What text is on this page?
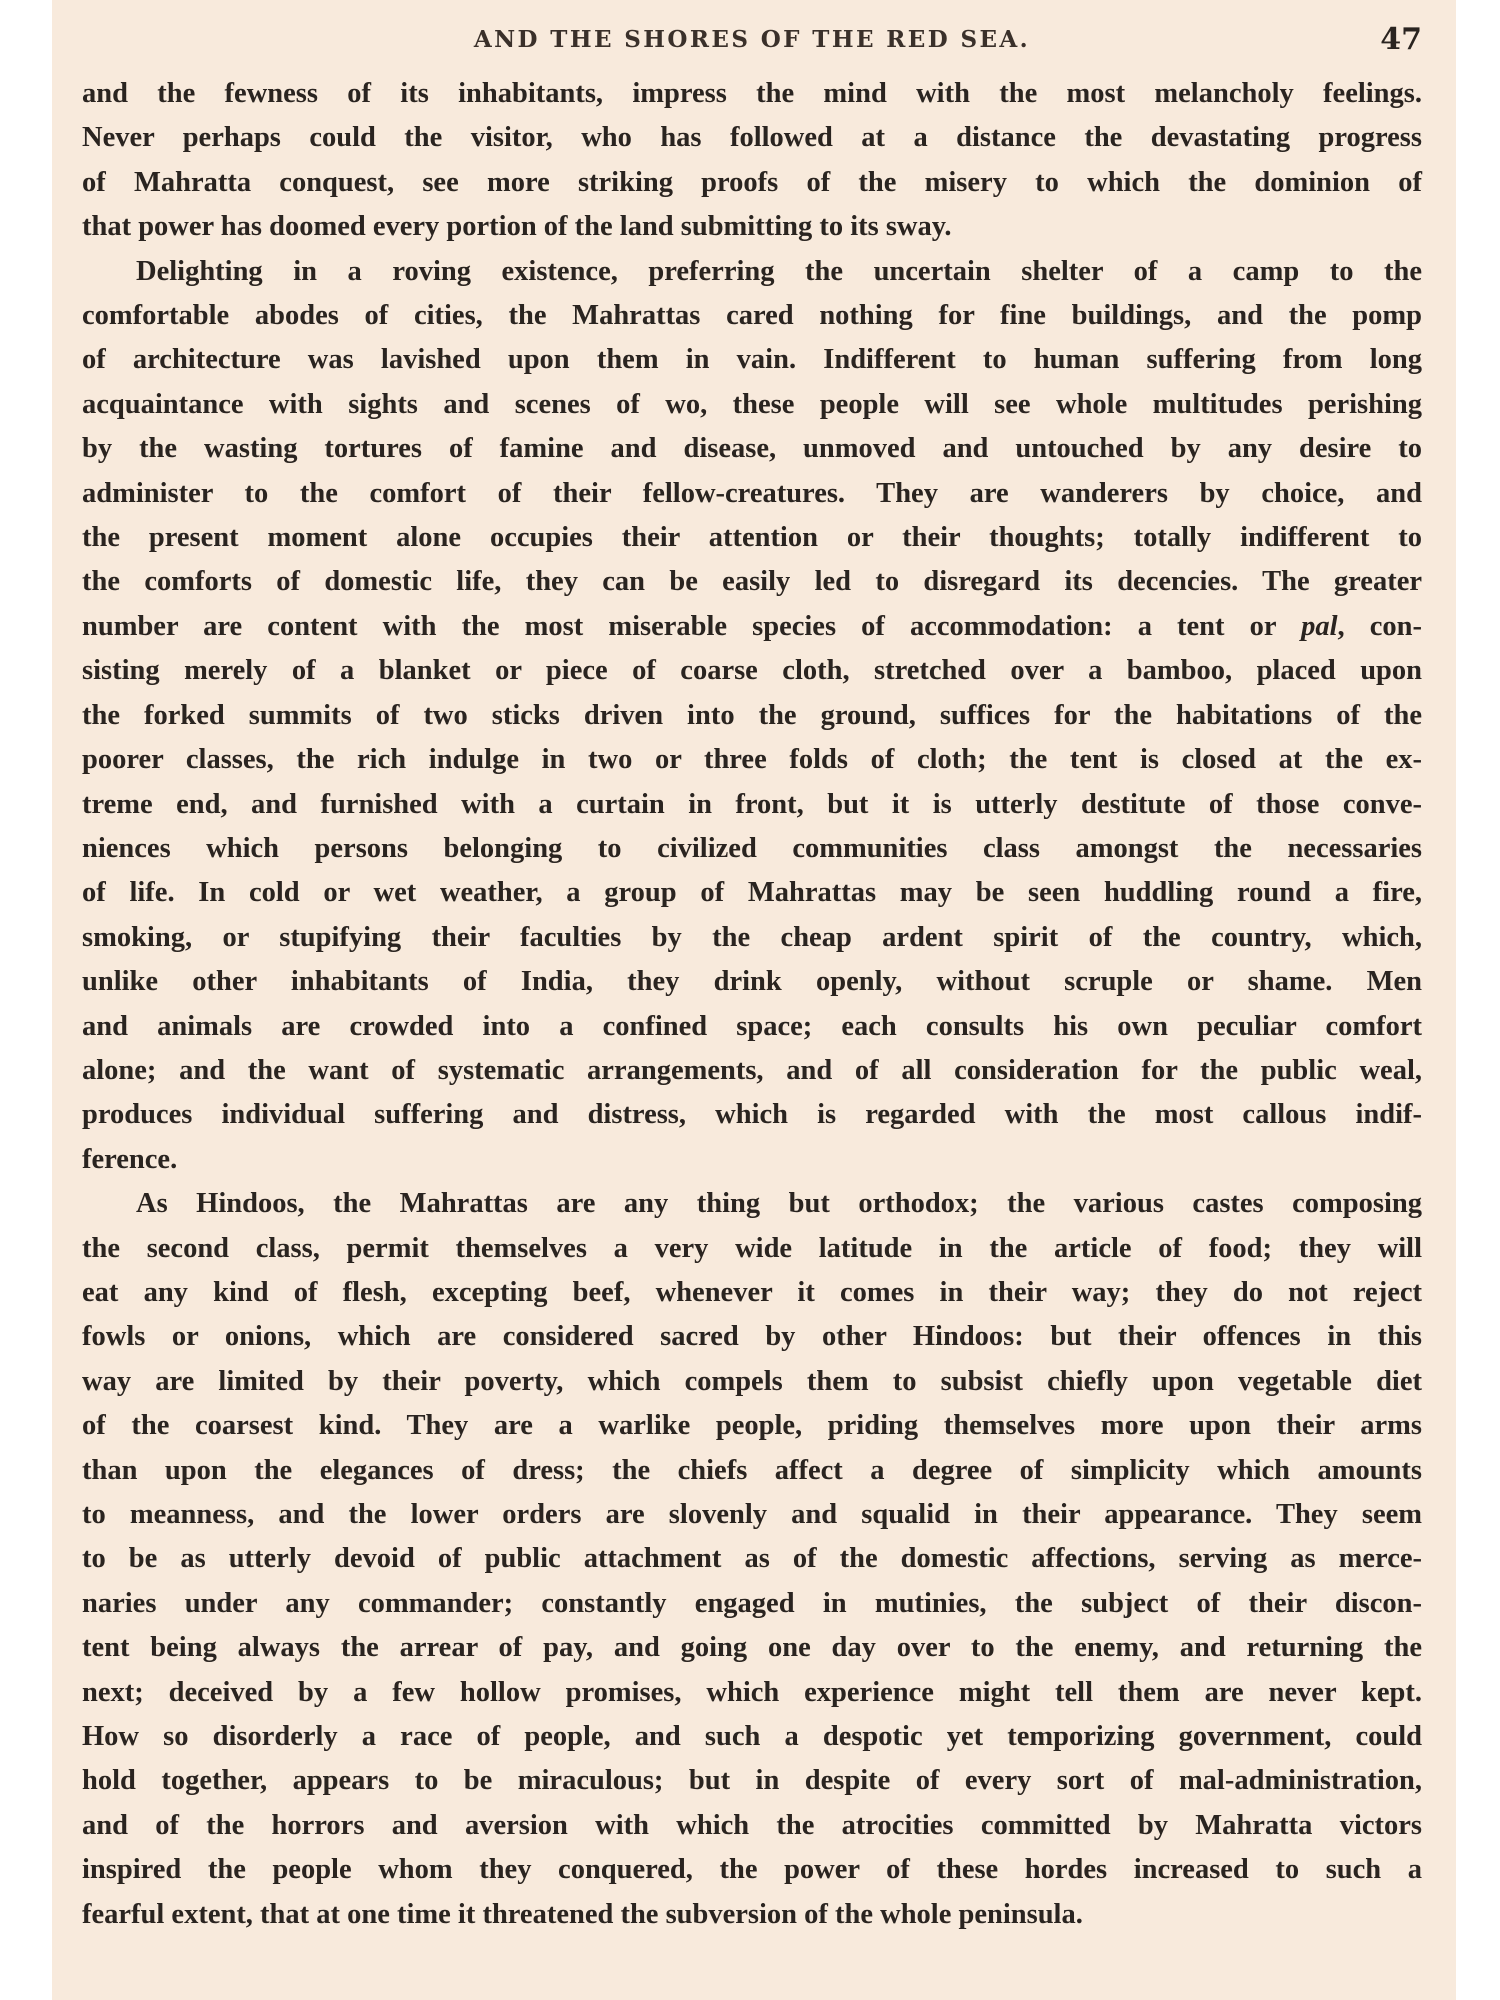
AND THE SHORES OF THE RED SEA.	47
and the fewness of its inhabitants, impress the mind with the most melancholy feelings.
Never perhaps could the visitor, who has followed at a distance the devastating progress
of Mahratta conquest, see more striking proofs of the misery to which the dominion of
that power has doomed every portion of the land submitting to its sway.
Delighting in a roving existence, preferring the uncertain shelter of a camp to the
comfortable abodes of cities, the Mahrattas cared nothing for fine buildings, and the pomp
of architecture was lavished upon them in vain. Indifferent to human suffering from long
acquaintance with sights and scenes of wo, these people will see whole multitudes perishing
by the wasting tortures of famine and disease, unmoved and untouched by any desire to
administer to the comfort of their fellow-creatures. They are wanderers by choice, and
the present moment alone occupies their attention or their thoughts; totally indifferent to
the comforts of domestic life, they can be easily led to disregard its decencies. The greater
number are content with the most miserable species of accommodation: a tent or pal, con-
sisting merely of a blanket or piece of coarse cloth, stretched over a bamboo, placed upon
the forked summits of two sticks driven into the ground, suffices for the habitations of the
poorer classes, the rich indulge in two or three folds of cloth; the tent is closed at the ex-
treme end, and furnished with a curtain in front, but it is utterly destitute of those conve-
niences which persons belonging to civilized communities class amongst the necessaries
of life. In cold or wet weather, a group of Mahrattas may be seen huddling round a fire,
smoking, or stupifying their faculties by the cheap ardent spirit of the country, which,
unlike other inhabitants of India, they drink openly, without scruple or shame. Men
and animals are crowded into a confined space; each consults his own peculiar comfort
alone; and the want of systematic arrangements, and of all consideration for the public weal,
produces individual suffering and distress, which is regarded with the most callous indif-
ference.
As Hindoos, the Mahrattas are any thing but orthodox; the various castes composing
the second class, permit themselves a very wide latitude in the article of food; they will
eat any kind of flesh, excepting beef, whenever it comes in their way; they do not reject
fowls or onions, which are considered sacred by other Hindoos: but their offences in this
way are limited by their poverty, which compels them to subsist chiefly upon vegetable diet
of the coarsest kind. They are a warlike people, priding themselves more upon their arms
than upon the elegances of dress; the chiefs affect a degree of simplicity which amounts
to meanness, and the lower orders are slovenly and squalid in their appearance. They seem
to be as utterly devoid of public attachment as of the domestic affections, serving as merce-
naries under any commander; constantly engaged in mutinies, the subject of their discon-
tent being always the arrear of pay, and going one day over to the enemy, and returning the
next; deceived by a few hollow promises, which experience might tell them are never kept.
How so disorderly a race of people, and such a despotic yet temporizing government, could
hold together, appears to be miraculous; but in despite of every sort of mal-administration,
and of the horrors and aversion with which the atrocities committed by Mahratta victors
inspired the people whom they conquered, the power of these hordes increased to such a
fearful extent, that at one time it threatened the subversion of the whole peninsula.
